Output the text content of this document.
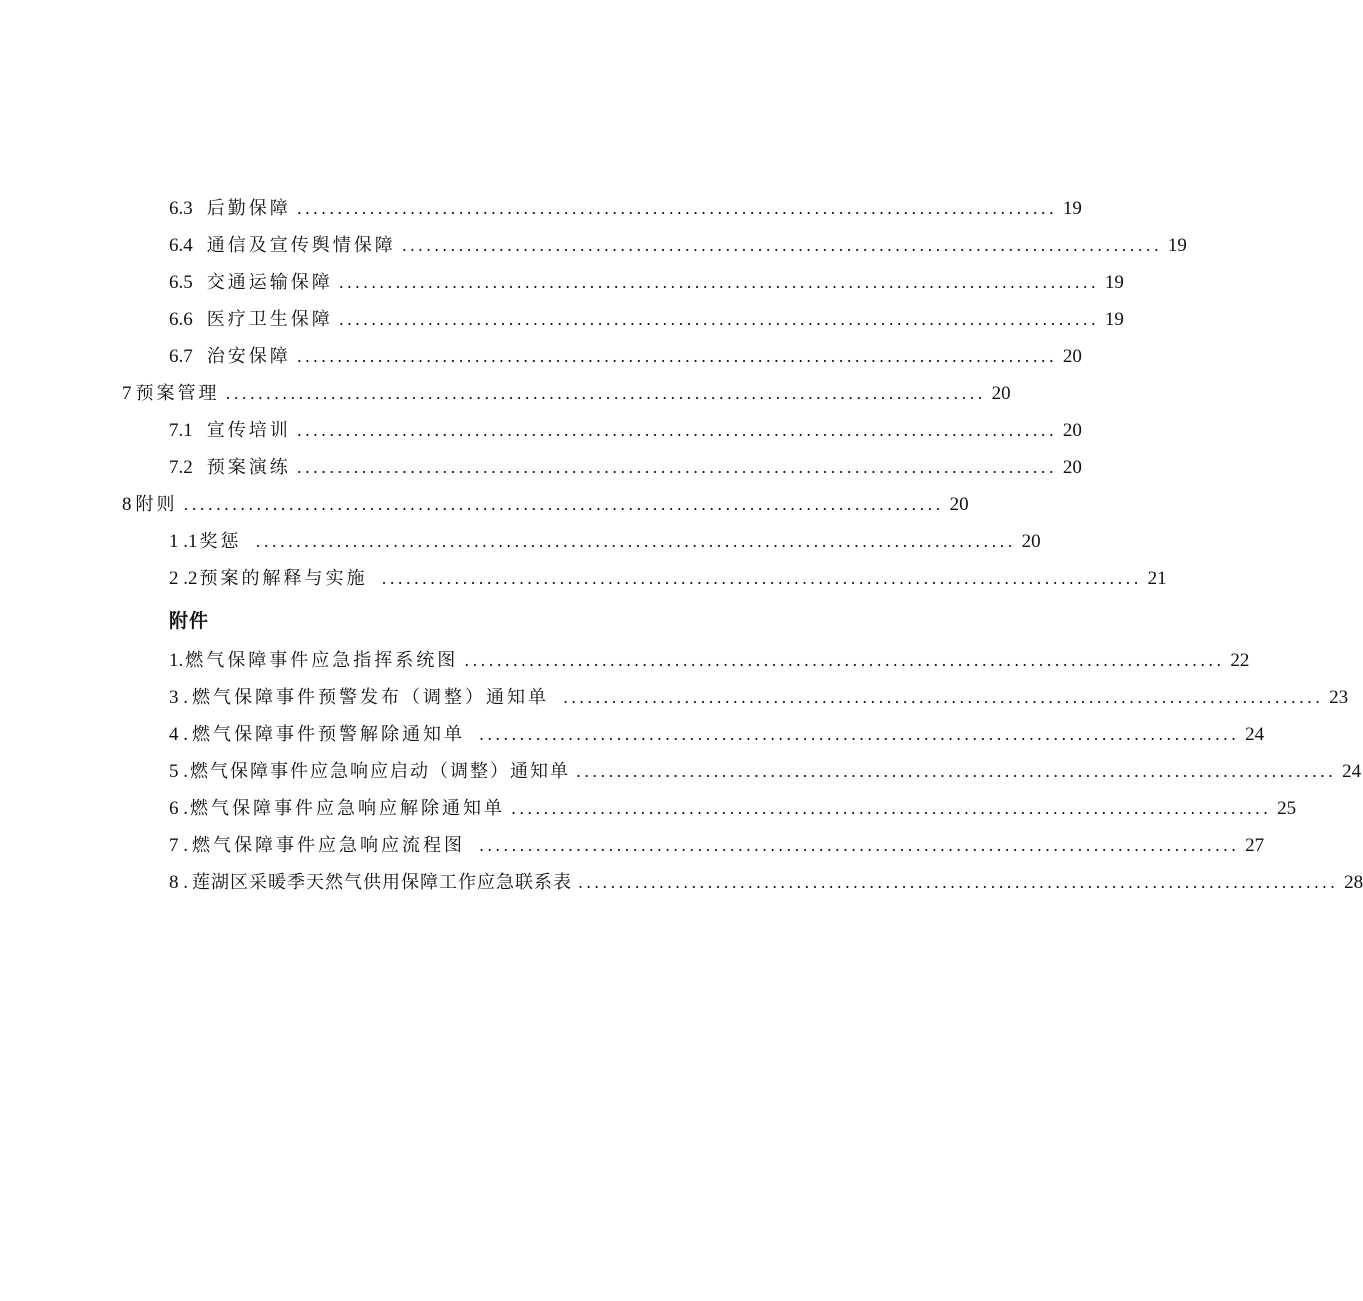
6.3 后勤保障 .............................................................................................. 19
6.4 通信及宣传舆情保障 .............................................................................................. 19
6.5 交通运输保障 .............................................................................................. 19
6.6 医疗卫生保障 .............................................................................................. 19
6.7 治安保障 .............................................................................................. 20
7 预案管理 .............................................................................................. 20
7.1 宣传培训 .............................................................................................. 20
7.2 预案演练 .............................................................................................. 20
8 附则 .............................................................................................. 20
1 .1 奖惩 .............................................................................................. 20
2 .2 预案的解释与实施 .............................................................................................. 21
附件
1. 燃气保障事件应急指挥系统图 .............................................................................................. 22
3 . 燃气保障事件预警发布（调整）通知单 .............................................................................................. 23
4 . 燃气保障事件预警解除通知单 .............................................................................................. 24
5 . 燃气保障事件应急响应启动（调整）通知单 .............................................................................................. 24
6 . 燃气保障事件应急响应解除通知单 .............................................................................................. 25
7 . 燃气保障事件应急响应流程图 .............................................................................................. 27
8 . 莲湖区采暖季天然气供用保障工作应急联系表 .............................................................................................. 28
